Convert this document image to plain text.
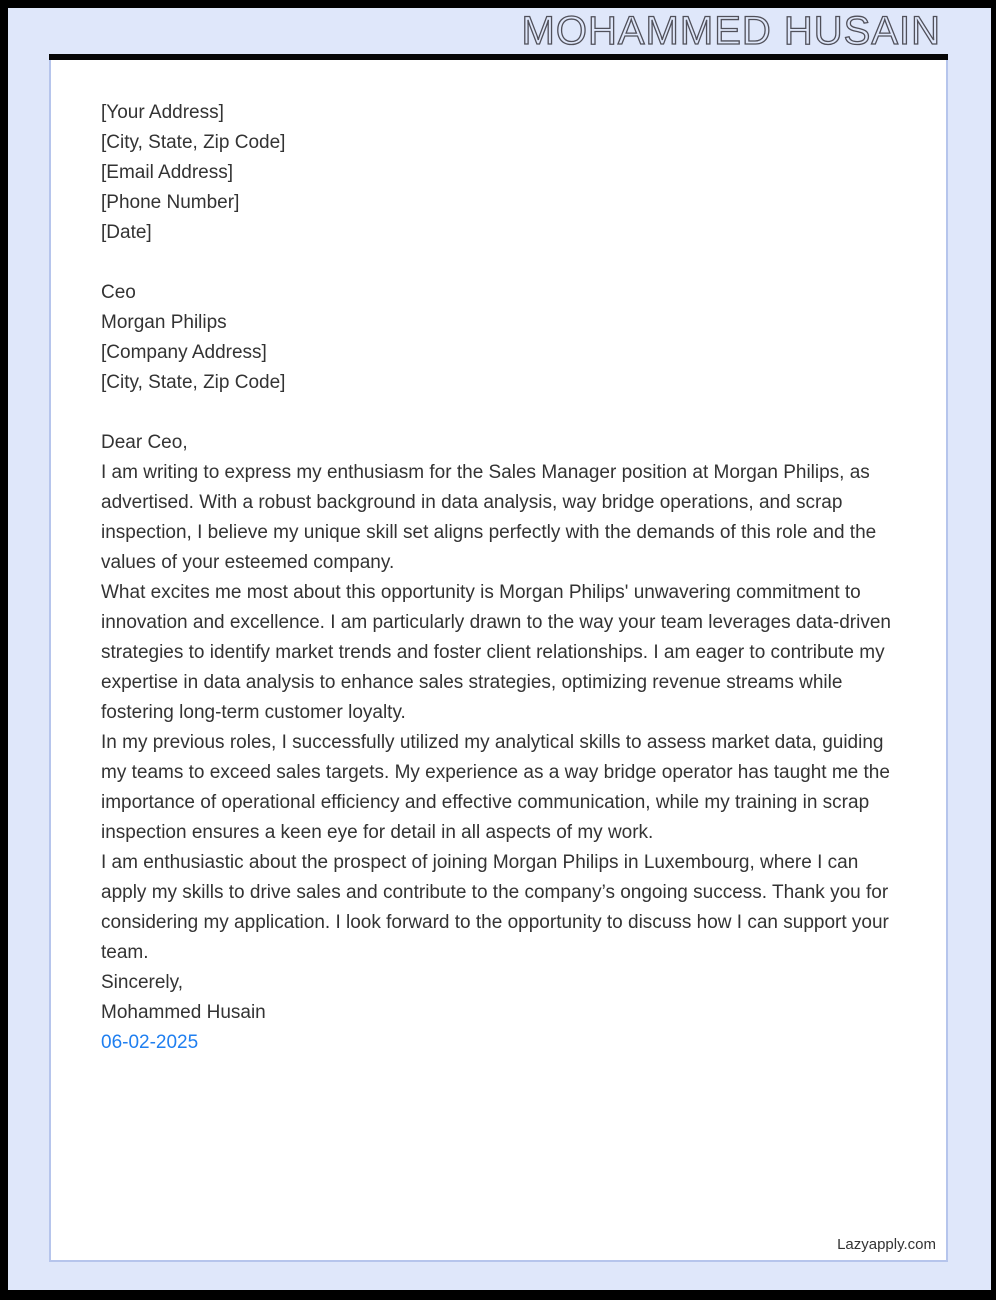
MOHAMMED HUSAIN

[Your Address]

[City, State, Zip Code]

[Email Address]

[Phone Number]

[Date]

Ceo

Morgan Philips

[Company Address]

[City, State, Zip Code]

Dear Ceo,

I am writing to express my enthusiasm for the Sales Manager position at Morgan Philips, as advertised. With a robust background in data analysis, way bridge operations, and scrap inspection, I believe my unique skill set aligns perfectly with the demands of this role and the values of your esteemed company.

What excites me most about this opportunity is Morgan Philips' unwavering commitment to innovation and excellence. I am particularly drawn to the way your team leverages data-driven strategies to identify market trends and foster client relationships. I am eager to contribute my expertise in data analysis to enhance sales strategies, optimizing revenue streams while fostering long-term customer loyalty.

In my previous roles, I successfully utilized my analytical skills to assess market data, guiding my teams to exceed sales targets. My experience as a way bridge operator has taught me the importance of operational efficiency and effective communication, while my training in scrap inspection ensures a keen eye for detail in all aspects of my work.

I am enthusiastic about the prospect of joining Morgan Philips in Luxembourg, where I can apply my skills to drive sales and contribute to the company’s ongoing success. Thank you for considering my application. I look forward to the opportunity to discuss how I can support your team.

Sincerely,

Mohammed Husain

06-02-2025

Lazyapply.com
